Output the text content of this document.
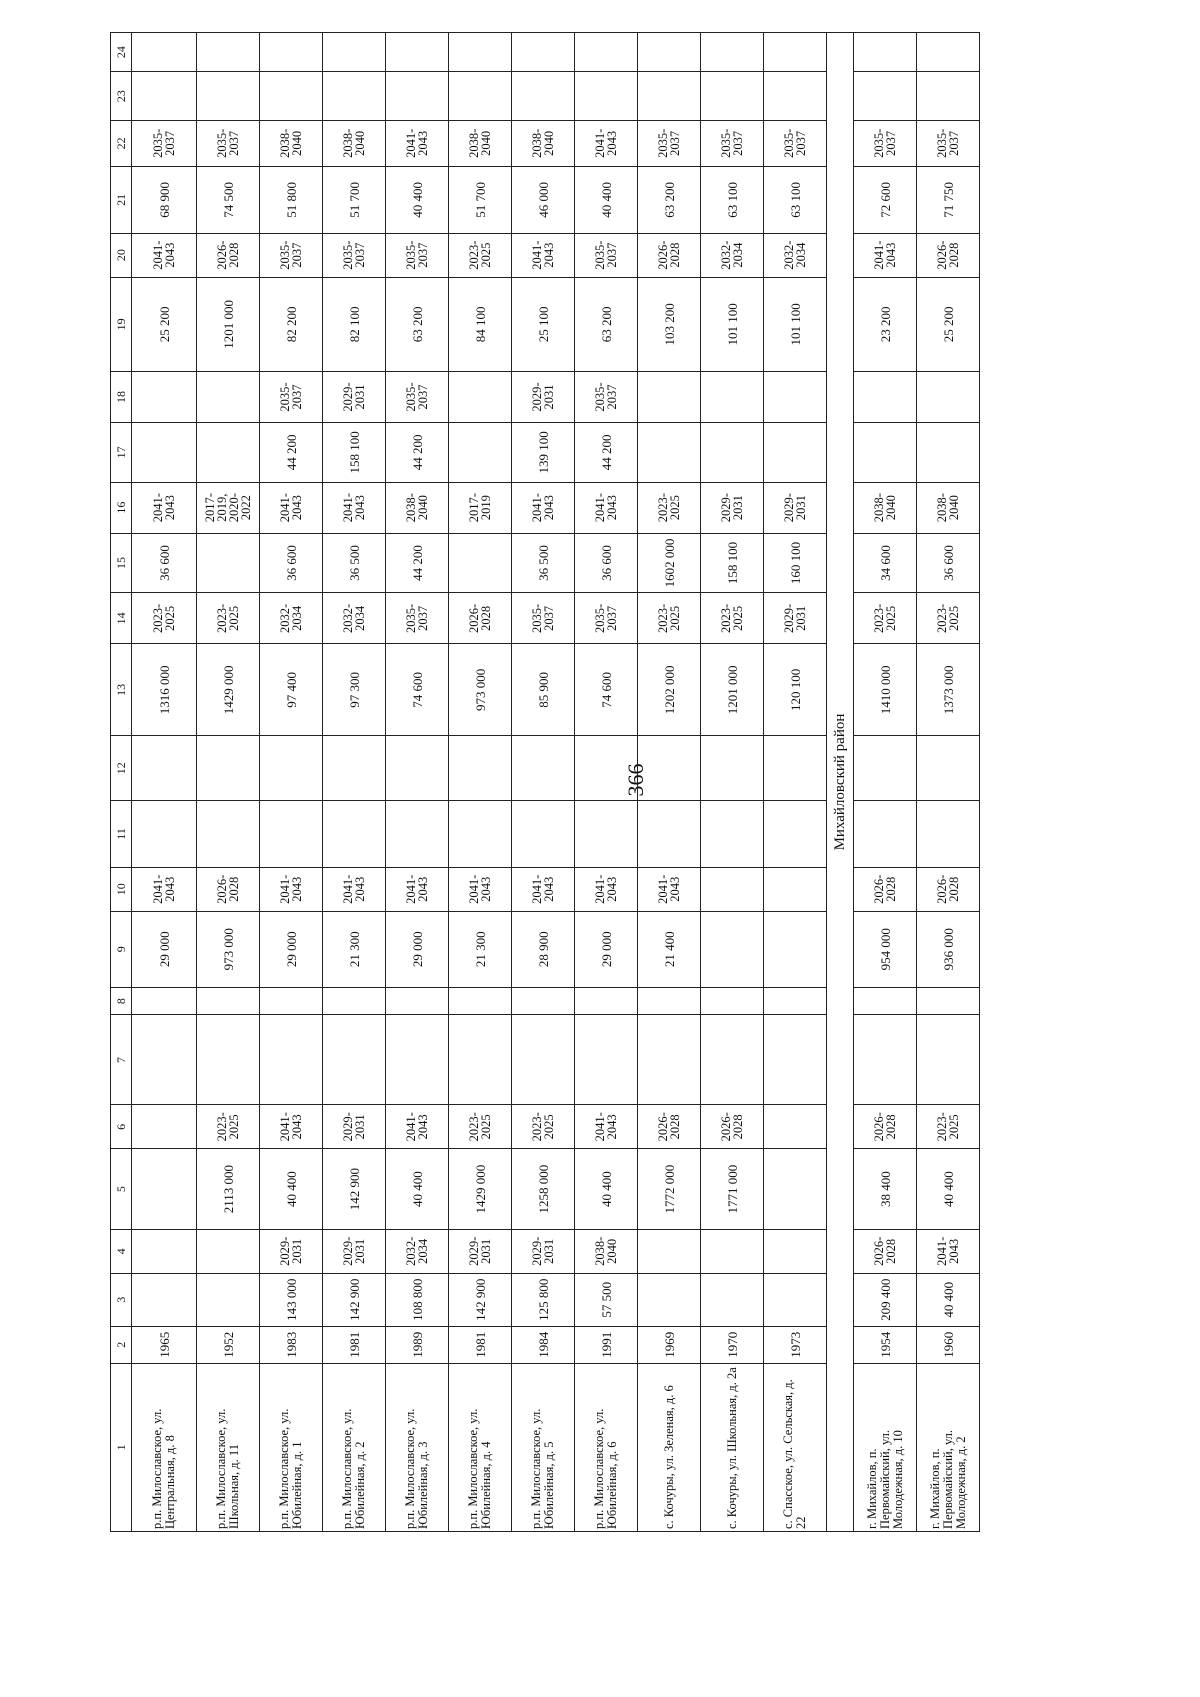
366
1	2	3	4	5	6	7	8	9	10	11	12	13	14	15	16	17	18	19	20	21	22	23	24
р.п. Милославское, ул. Центральная, д. 8	1965							29 000	2041-2043			1316 000	2023-2025	36 600	2041-2043			25 200	2041-2043	68 900	2035-2037		
р.п. Милославское, ул. Школьная, д. 11	1952			2113 000	2023-2025			973 000	2026-2028			1429 000	2023-2025		2017-2019, 2020-2022			1201 000	2026-2028	74 500	2035-2037		
р.п. Милославское, ул. Юбилейная, д. 1	1983	143 000	2029-2031	40 400	2041-2043			29 000	2041-2043			97 400	2032-2034	36 600	2041-2043	44 200	2035-2037	82 200	2035-2037	51 800	2038-2040		
р.п. Милославское, ул. Юбилейная, д. 2	1981	142 900	2029-2031	142 900	2029-2031			21 300	2041-2043			97 300	2032-2034	36 500	2041-2043	158 100	2029-2031	82 100	2035-2037	51 700	2038-2040		
р.п. Милославское, ул. Юбилейная, д. 3	1989	108 800	2032-2034	40 400	2041-2043			29 000	2041-2043			74 600	2035-2037	44 200	2038-2040	44 200	2035-2037	63 200	2035-2037	40 400	2041-2043		
р.п. Милославское, ул. Юбилейная, д. 4	1981	142 900	2029-2031	1429 000	2023-2025			21 300	2041-2043			973 000	2026-2028		2017-2019			84 100	2023-2025	51 700	2038-2040		
р.п. Милославское, ул. Юбилейная, д. 5	1984	125 800	2029-2031	1258 000	2023-2025			28 900	2041-2043			85 900	2035-2037	36 500	2041-2043	139 100	2029-2031	25 100	2041-2043	46 000	2038-2040		
р.п. Милославское, ул. Юбилейная, д. 6	1991	57 500	2038-2040	40 400	2041-2043			29 000	2041-2043			74 600	2035-2037	36 600	2041-2043	44 200	2035-2037	63 200	2035-2037	40 400	2041-2043		
с. Кочуры, ул. Зеленая, д. 6	1969			1772 000	2026-2028			21 400	2041-2043			1202 000	2023-2025	1602 000	2023-2025			103 200	2026-2028	63 200	2035-2037		
с. Кочуры, ул. Школьная, д. 2а	1970			1771 000	2026-2028							1201 000	2023-2025	158 100	2029-2031			101 100	2032-2034	63 100	2035-2037		
с. Спасское, ул. Сельская, д. 22	1973											120 100	2029-2031	160 100	2029-2031			101 100	2032-2034	63 100	2035-2037		
Михайловский район																							
г. Михайлов, п. Первомайский, ул. Молодежная, д. 10	1954	209 400	2026-2028	38 400	2026-2028			954 000	2026-2028			1410 000	2023-2025	34 600	2038-2040			23 200	2041-2043	72 600	2035-2037		
г. Михайлов, п. Первомайский, ул. Молодежная, д. 2	1960	40 400	2041-2043	40 400	2023-2025			936 000	2026-2028			1373 000	2023-2025	36 600	2038-2040			25 200	2026-2028	71 750	2035-2037		
